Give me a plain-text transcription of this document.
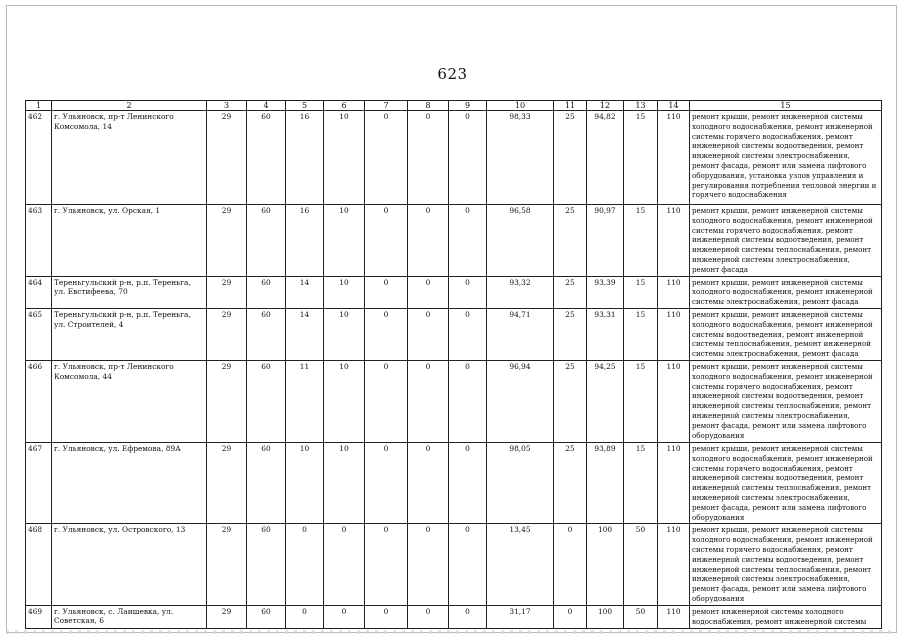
623
1	2	3	4	5	6	7	8	9	10	11	12	13	14	15
462	г. Ульяновск, пр-т Ленинского Комсомола, 14	29	60	16	10	0	0	0	98,33	25	94,82	15	110	ремонт крыши, ремонт инженерной системы холодного водоснабжения, ремонт инженерной системы горячего водоснабжения, ремонт инженерной системы водоотведения, ремонт инженерной системы электроснабжения, ремонт фасада, ремонт или замена лифтового оборудования, установка узлов управления и регулирования потребления тепловой энергии и горячего водоснабжения
463	г. Ульяновск, ул. Орская, 1	29	60	16	10	0	0	0	96,58	25	90,97	15	110	ремонт крыши, ремонт инженерной системы холодного водоснабжения, ремонт инженерной системы горячего водоснабжения, ремонт инженерной системы водоотведения, ремонт инженерной системы теплоснабжения, ремонт инженерной системы электроснабжения, ремонт фасада
464	Тереньгульский р-н, р.п. Тереньга, ул. Евстифеева, 70	29	60	14	10	0	0	0	93,32	25	93,39	15	110	ремонт крыши, ремонт инженерной системы холодного водоснабжения, ремонт инженерной системы электроснабжения, ремонт фасада
465	Тереньгульский р-н, р.п. Тереньга, ул. Строителей, 4	29	60	14	10	0	0	0	94,71	25	93,31	15	110	ремонт крыши, ремонт инженерной системы холодного водоснабжения, ремонт инженерной системы водоотведения, ремонт инженерной системы теплоснабжения, ремонт инженерной системы электроснабжения, ремонт фасада
466	г. Ульяновск, пр-т Ленинского Комсомола, 44	29	60	11	10	0	0	0	96,94	25	94,25	15	110	ремонт крыши, ремонт инженерной системы холодного водоснабжения, ремонт инженерной системы горячего водоснабжения, ремонт инженерной системы водоотведения, ремонт инженерной системы теплоснабжения, ремонт инженерной системы электроснабжения, ремонт фасада, ремонт или замена лифтового оборудования
467	г. Ульяновск, ул. Ефремова, 89А	29	60	10	10	0	0	0	98,05	25	93,89	15	110	ремонт крыши, ремонт инженерной системы холодного водоснабжения, ремонт инженерной системы горячего водоснабжения, ремонт инженерной системы водоотведения, ремонт инженерной системы теплоснабжения, ремонт инженерной системы электроснабжения, ремонт фасада, ремонт или замена лифтового оборудования
468	г. Ульяновск, ул. Островского, 13	29	60	0	0	0	0	0	13,45	0	100	50	110	ремонт крыши, ремонт инженерной системы холодного водоснабжения, ремонт инженерной системы горячего водоснабжения, ремонт инженерной системы водоотведения, ремонт инженерной системы теплоснабжения, ремонт инженерной системы электроснабжения, ремонт фасада, ремонт или замена лифтового оборудования
469	г. Ульяновск, с. Лаишевка, ул. Советская, 6	29	60	0	0	0	0	0	31,17	0	100	50	110	ремонт инженерной системы холодного водоснабжения, ремонт инженерной системы
